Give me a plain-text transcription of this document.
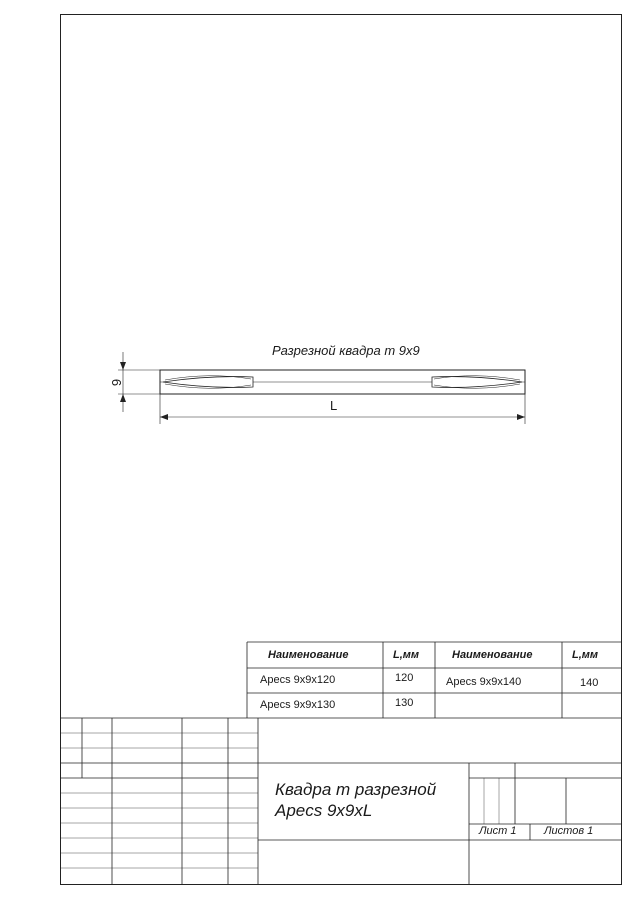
Разрезной квадра т 9х9
9
L
Наименование	L,мм	Наименование	L,мм
Apecs 9х9х120	120	Apecs 9х9х140	140
Apecs 9х9х130	130
Квадра т разрезной
Apecs 9х9хL
Лист 1	Листов 1
